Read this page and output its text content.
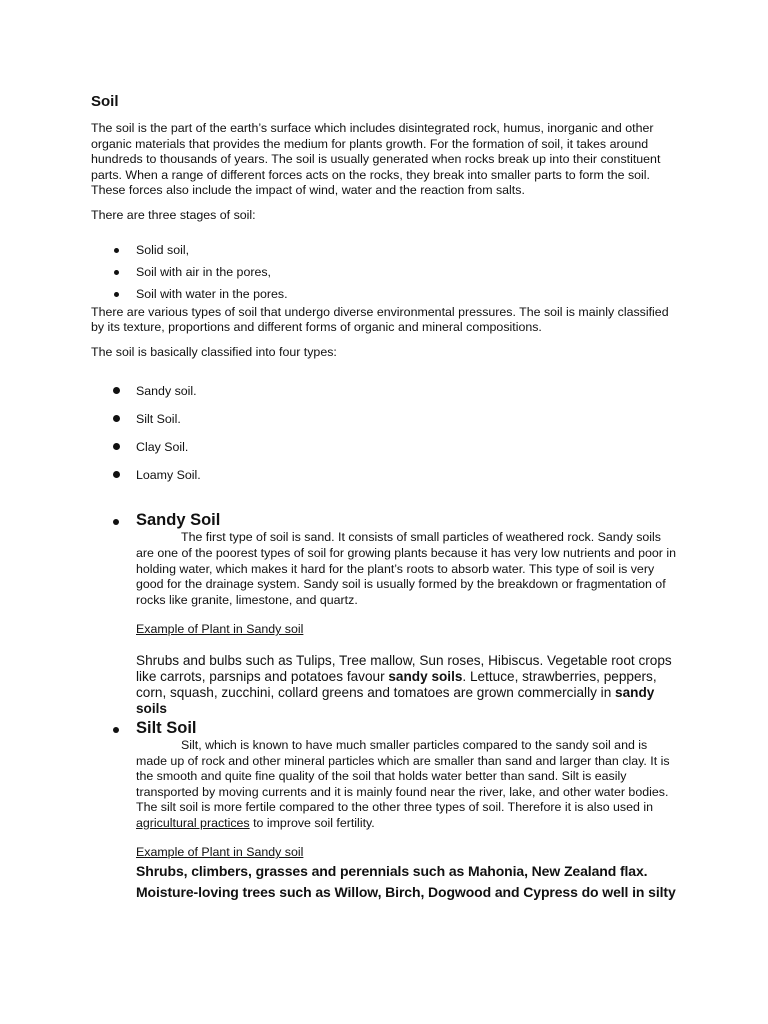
Soil

The soil is the part of the earth’s surface which includes disintegrated rock, humus, inorganic and other organic materials that provides the medium for plants growth. For the formation of soil, it takes around hundreds to thousands of years. The soil is usually generated when rocks break up into their constituent parts. When a range of different forces acts on the rocks, they break into smaller parts to form the soil. These forces also include the impact of wind, water and the reaction from salts.

There are three stages of soil:

Solid soil,
Soil with air in the pores,
Soil with water in the pores.

There are various types of soil that undergo diverse environmental pressures. The soil is mainly classified by its texture, proportions and different forms of organic and mineral compositions.

The soil is basically classified into four types:

Sandy soil.
Silt Soil.
Clay Soil.
Loamy Soil.
Sandy Soil

The first type of soil is sand. It consists of small particles of weathered rock. Sandy soils are one of the poorest types of soil for growing plants because it has very low nutrients and poor in holding water, which makes it hard for the plant’s roots to absorb water. This type of soil is very good for the drainage system. Sandy soil is usually formed by the breakdown or fragmentation of rocks like granite, limestone, and quartz.

Example of Plant in Sandy soil

Shrubs and bulbs such as Tulips, Tree mallow, Sun roses, Hibiscus. Vegetable root crops like carrots, parsnips and potatoes favour sandy soils. Lettuce, strawberries, peppers, corn, squash, zucchini, collard greens and tomatoes are grown commercially in sandy soils

Silt Soil

Silt, which is known to have much smaller particles compared to the sandy soil and is made up of rock and other mineral particles which are smaller than sand and larger than clay. It is the smooth and quite fine quality of the soil that holds water better than sand. Silt is easily transported by moving currents and it is mainly found near the river, lake, and other water bodies. The silt soil is more fertile compared to the other three types of soil. Therefore it is also used in agricultural practices to improve soil fertility.

Example of Plant in Sandy soil

Shrubs, climbers, grasses and perennials such as Mahonia, New Zealand flax. Moisture-loving trees such as Willow, Birch, Dogwood and Cypress do well in silty
